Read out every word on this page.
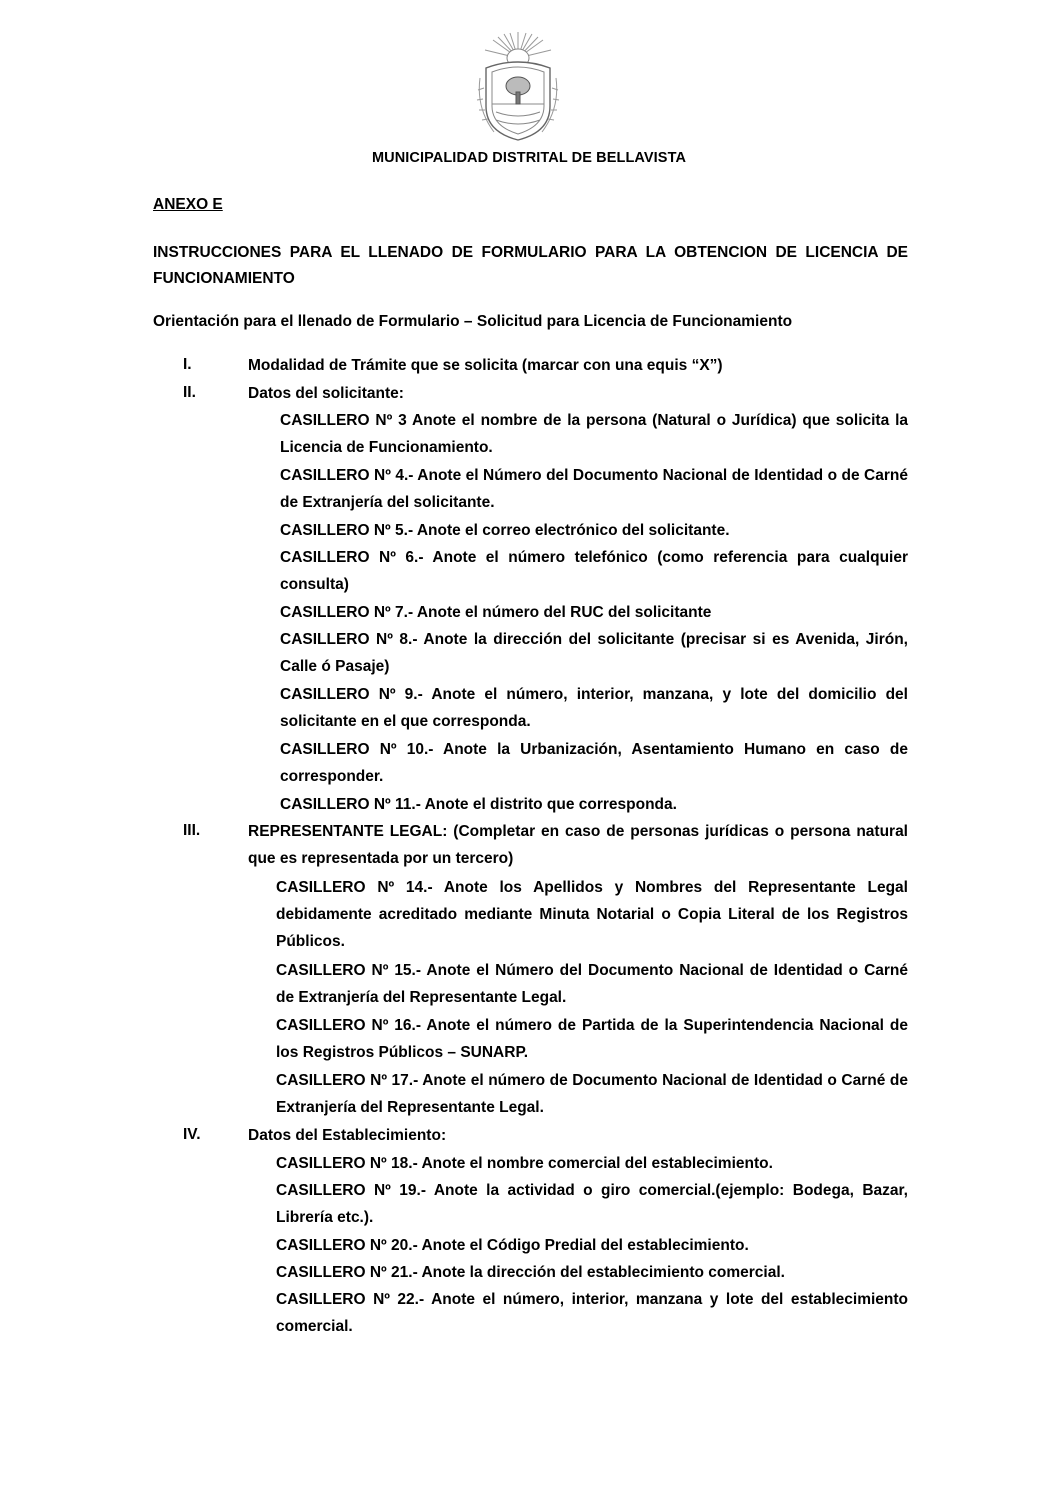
MUNICIPALIDAD DISTRITAL DE BELLAVISTA
ANEXO E
INSTRUCCIONES PARA EL LLENADO DE FORMULARIO PARA LA OBTENCION DE LICENCIA DE FUNCIONAMIENTO
Orientación para el llenado de Formulario – Solicitud para Licencia de Funcionamiento
I.	Modalidad de Trámite que se solicita (marcar con una equis “X”)
II.	Datos del solicitante:
CASILLERO Nº 3 Anote el nombre de la persona (Natural o Jurídica) que solicita la Licencia de Funcionamiento.
CASILLERO Nº 4.- Anote el Número del Documento Nacional de Identidad o de Carné de Extranjería del solicitante.
CASILLERO Nº 5.- Anote el correo electrónico del solicitante.
CASILLERO Nº 6.- Anote el número telefónico (como referencia para cualquier consulta)
CASILLERO Nº 7.- Anote el número del RUC del solicitante
CASILLERO Nº 8.- Anote la dirección del solicitante (precisar si es Avenida, Jirón, Calle ó Pasaje)
CASILLERO Nº 9.- Anote el número, interior, manzana, y lote del domicilio del solicitante en el que corresponda.
CASILLERO Nº 10.- Anote la Urbanización, Asentamiento Humano en caso de corresponder.
CASILLERO Nº 11.- Anote el distrito que corresponda.
III.	REPRESENTANTE LEGAL: (Completar en caso de personas jurídicas o persona natural que es representada por un tercero)
CASILLERO Nº 14.- Anote los Apellidos y Nombres del Representante Legal debidamente acreditado mediante Minuta Notarial o Copia Literal de los Registros Públicos.
CASILLERO Nº 15.- Anote el Número del Documento Nacional de Identidad o Carné de Extranjería del Representante Legal.
CASILLERO Nº 16.- Anote el número de Partida de la Superintendencia Nacional de los Registros Públicos – SUNARP.
CASILLERO Nº 17.- Anote el número de Documento Nacional de Identidad o Carné de Extranjería del Representante Legal.
IV.	Datos del Establecimiento:
CASILLERO Nº 18.- Anote el nombre comercial del establecimiento.
CASILLERO Nº 19.- Anote la actividad o giro comercial.(ejemplo: Bodega, Bazar, Librería etc.).
CASILLERO Nº 20.- Anote el Código Predial del establecimiento.
CASILLERO Nº 21.- Anote la dirección del establecimiento comercial.
CASILLERO Nº 22.- Anote el número, interior, manzana y lote del establecimiento comercial.
